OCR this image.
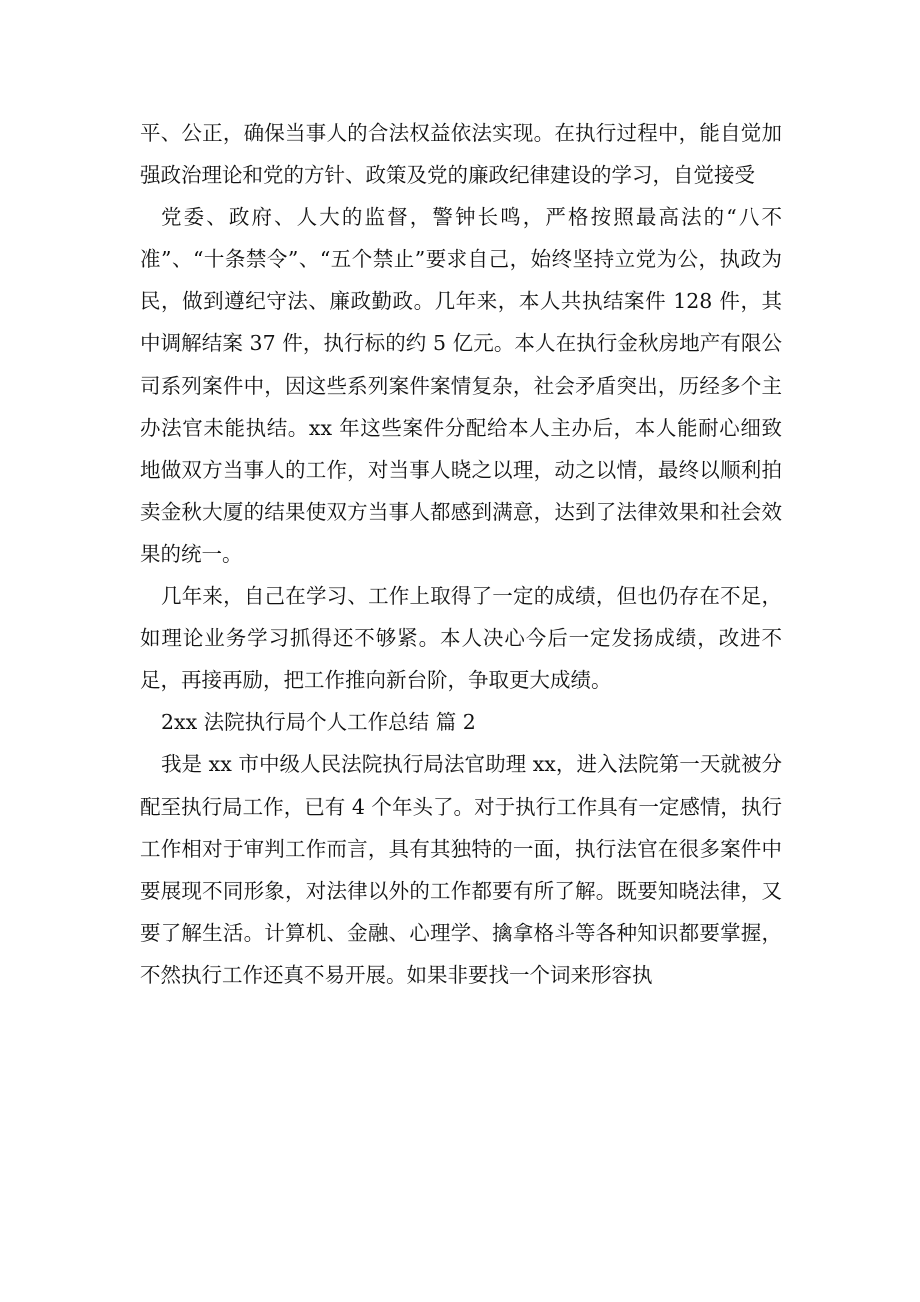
平、公正，确保当事人的合法权益依法实现。在执行过程中，能自觉加强政治理论和党的方针、政策及党的廉政纪律建设的学习，自觉接受

党委、政府、人大的监督，警钟长鸣，严格按照最高法的“八不准”、“十条禁令”、“五个禁止”要求自己，始终坚持立党为公，执政为民，做到遵纪守法、廉政勤政。几年来，本人共执结案件 128 件，其中调解结案 37 件，执行标的约 5 亿元。本人在执行金秋房地产有限公司系列案件中，因这些系列案件案情复杂，社会矛盾突出，历经多个主办法官未能执结。xx 年这些案件分配给本人主办后，本人能耐心细致地做双方当事人的工作，对当事人晓之以理，动之以情，最终以顺利拍卖金秋大厦的结果使双方当事人都感到满意，达到了法律效果和社会效果的统一。

几年来，自己在学习、工作上取得了一定的成绩，但也仍存在不足，如理论业务学习抓得还不够紧。本人决心今后一定发扬成绩，改进不足，再接再励，把工作推向新台阶，争取更大成绩。

2xx 法院执行局个人工作总结 篇 2

我是 xx 市中级人民法院执行局法官助理 xx，进入法院第一天就被分配至执行局工作，已有 4 个年头了。对于执行工作具有一定感情，执行工作相对于审判工作而言，具有其独特的一面，执行法官在很多案件中要展现不同形象，对法律以外的工作都要有所了解。既要知晓法律，又要了解生活。计算机、金融、心理学、擒拿格斗等各种知识都要掌握，不然执行工作还真不易开展。如果非要找一个词来形容执
